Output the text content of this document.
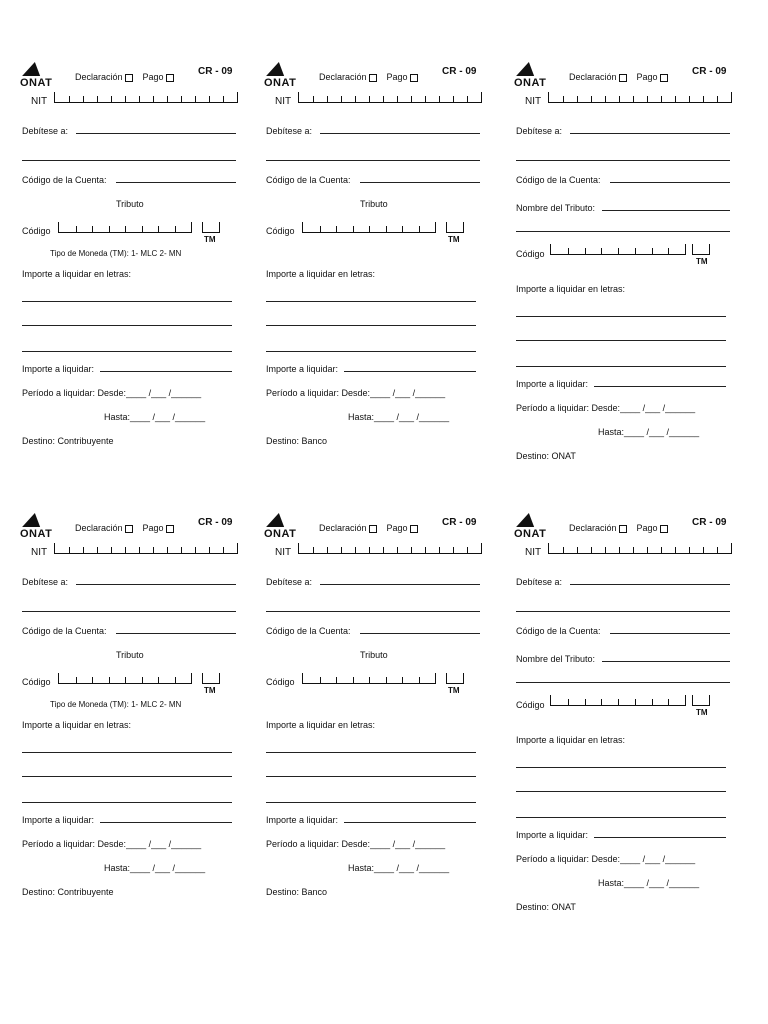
ONAT	Declaración Pago	CR - 09
NIT
Debítese a:
Código de la Cuenta:
Tributo
Código
TM
Tipo de Moneda (TM): 1- MLC 2- MN
Importe a liquidar en letras:
Importe a liquidar:
Período a liquidar: Desde:____ /___ /______
Hasta:____ /___ /______
Destino: Contribuyente
ONAT	Declaración Pago	CR - 09
NIT
Debítese a:
Código de la Cuenta:
Tributo
Código
TM
Importe a liquidar en letras:
Importe a liquidar:
Período a liquidar: Desde:____ /___ /______
Hasta:____ /___ /______
Destino: Banco
ONAT	Declaración Pago	CR - 09
NIT
Debítese a:
Código de la Cuenta:
Nombre del Tributo:
Código
TM
Importe a liquidar en letras:
Importe a liquidar:
Período a liquidar: Desde:____ /___ /______
Hasta:____ /___ /______
Destino: ONAT
ONAT	Declaración Pago	CR - 09
NIT
Debítese a:
Código de la Cuenta:
Tributo
Código
TM
Tipo de Moneda (TM): 1- MLC 2- MN
Importe a liquidar en letras:
Importe a liquidar:
Período a liquidar: Desde:____ /___ /______
Hasta:____ /___ /______
Destino: Contribuyente
ONAT	Declaración Pago	CR - 09
NIT
Debítese a:
Código de la Cuenta:
Tributo
Código
TM
Importe a liquidar en letras:
Importe a liquidar:
Período a liquidar: Desde:____ /___ /______
Hasta:____ /___ /______
Destino: Banco
ONAT	Declaración Pago	CR - 09
NIT
Debítese a:
Código de la Cuenta:
Nombre del Tributo:
Código
TM
Importe a liquidar en letras:
Importe a liquidar:
Período a liquidar: Desde:____ /___ /______
Hasta:____ /___ /______
Destino: ONAT
